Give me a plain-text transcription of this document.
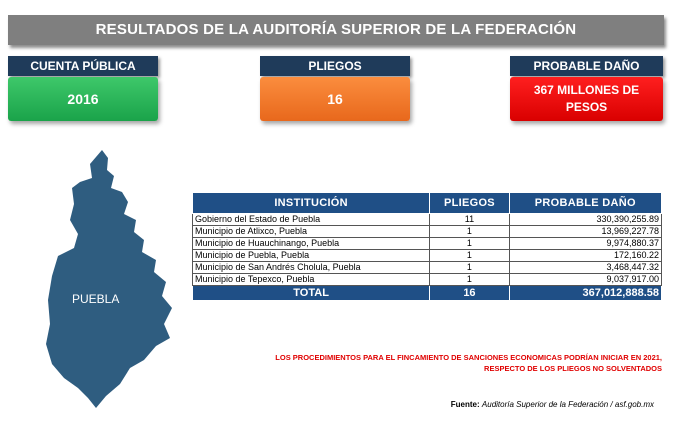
RESULTADOS DE LA AUDITORÍA SUPERIOR DE LA FEDERACIÓN
CUENTA PÚBLICA
2016
PLIEGOS
16
PROBABLE DAÑO
367 MILLONES DE PESOS
PUEBLA
INSTITUCIÓN	PLIEGOS	PROBABLE DAÑO
Gobierno del Estado de Puebla	11	330,390,255.89
Municipio de Atlixco, Puebla	1	13,969,227.78
Municipio de Huauchinango, Puebla	1	9,974,880.37
Municipio de Puebla, Puebla	1	172,160.22
Municipio de San Andrés Cholula, Puebla	1	3,468,447.32
Municipio de Tepexco, Puebla	1	9,037,917.00
TOTAL	16	367,012,888.58
LOS PROCEDIMIENTOS PARA EL FINCAMIENTO DE SANCIONES ECONOMICAS PODRÍAN INICIAR EN 2021,
RESPECTO DE LOS PLIEGOS NO SOLVENTADOS
Fuente: Auditoría Superior de la Federación / asf.gob.mx
